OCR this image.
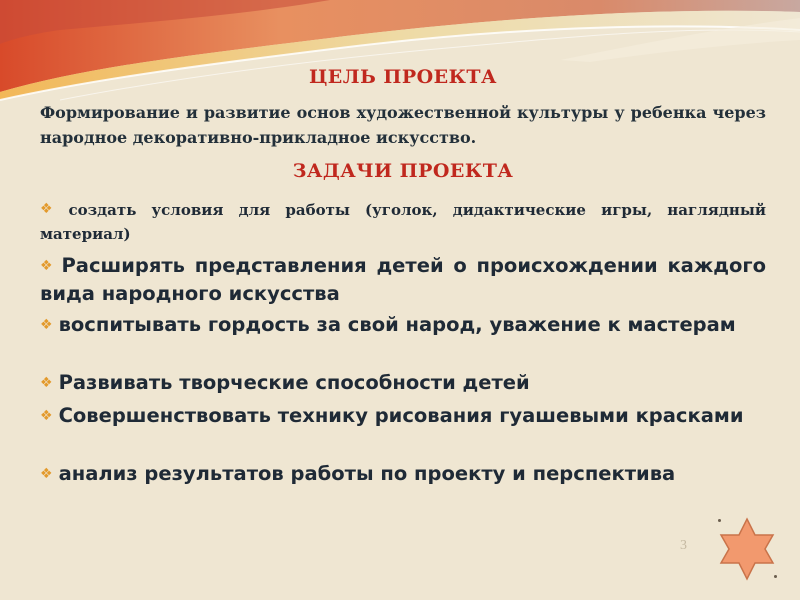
ЦЕЛЬ ПРОЕКТА
Формирование и развитие основ художественной культуры у ребенка через народное декоративно-прикладное искусство.
ЗАДАЧИ ПРОЕКТА
❖ создать условия для работы (уголок, дидактические игры, наглядный материал)
❖ Расширять представления детей о происхождении каждого вида народного искусства
❖ воспитывать гордость за свой народ, уважение к мастерам
❖ Развивать творческие способности детей
❖ Совершенствовать технику рисования гуашевыми красками
❖ анализ результатов работы по проекту и перспектива
3
